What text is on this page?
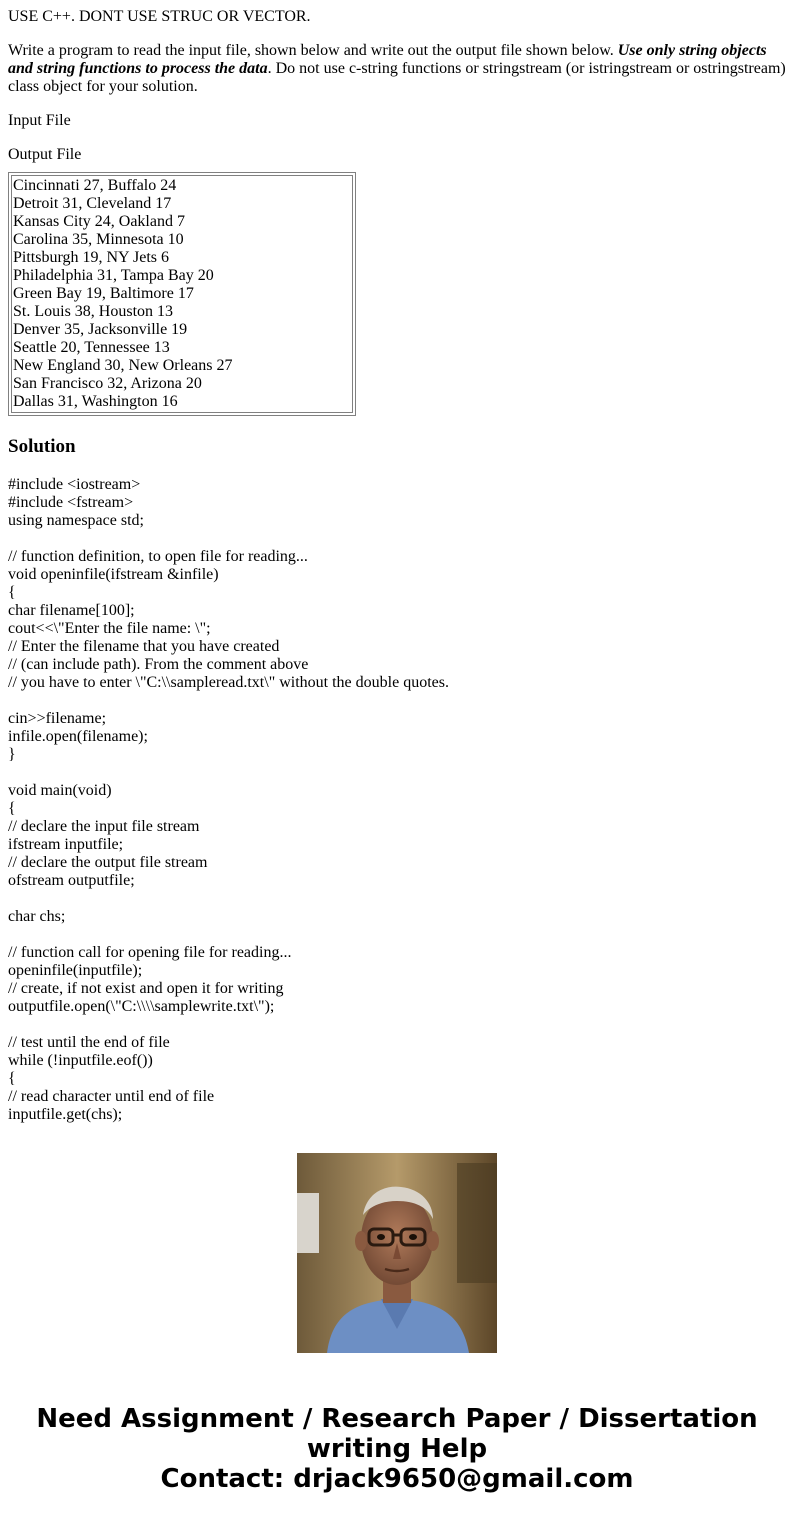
USE C++. DONT USE STRUC OR VECTOR.

Write a program to read the input file, shown below and write out the output file shown below. Use only string objects and string functions to process the data. Do not use c-string functions or stringstream (or istringstream or ostringstream) class object for your solution.

Input File

Output File

Cincinnati 27, Buffalo 24
Detroit 31, Cleveland 17
Kansas City 24, Oakland 7
Carolina 35, Minnesota 10
Pittsburgh 19, NY Jets 6
Philadelphia 31, Tampa Bay 20
Green Bay 19, Baltimore 17
St. Louis 38, Houston 13
Denver 35, Jacksonville 19
Seattle 20, Tennessee 13
New England 30, New Orleans 27
San Francisco 32, Arizona 20
Dallas 31, Washington 16
Solution
#include <iostream>
#include <fstream>
using namespace std;
// function definition, to open file for reading...
void openinfile(ifstream &infile)
{
char filename[100];
cout<<\"Enter the file name: \";
// Enter the filename that you have created
// (can include path). From the comment above
// you have to enter \"C:\\sampleread.txt\" without the double quotes.
cin>>filename;
infile.open(filename);
}
void main(void)
{
// declare the input file stream
ifstream inputfile;
// declare the output file stream
ofstream outputfile;
char chs;
// function call for opening file for reading...
openinfile(inputfile);
// create, if not exist and open it for writing
outputfile.open(\"C:\\\\samplewrite.txt\");
// test until the end of file
while (!inputfile.eof())
{
// read character until end of file
inputfile.get(chs);
Need Assignment / Research Paper / Dissertation
writing Help
Contact: drjack9650@gmail.com
